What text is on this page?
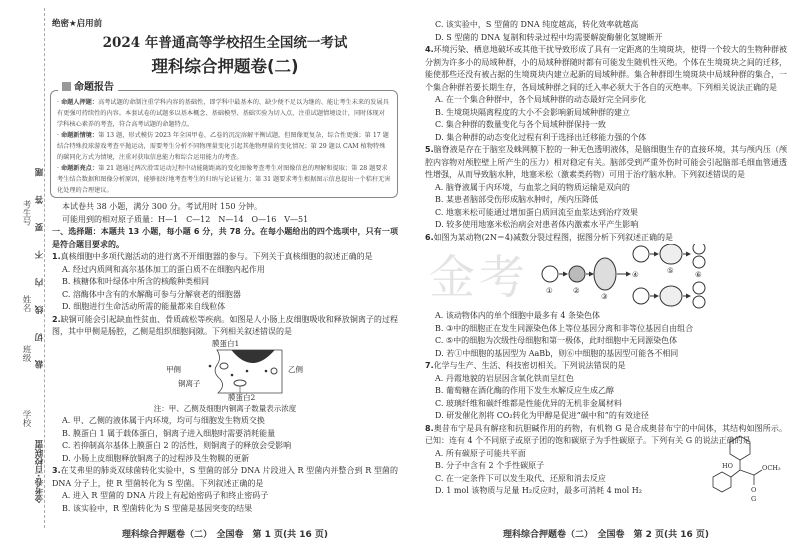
考生号
姓名
班级
学校
裁 切 线 内 不 要 答 题
金考卷·百校联盟
绝密★启用前
2024 年普通高等学校招生全国统一考试
理科综合押题卷(二)
命题报告

· 命题人押题：高考试题的命制注重学科内容的基础性，即学科中最基本的、缺少便不足以为继的、能让考生未来的发展具有更强可持续性的内容。本套试卷的试题多以基本概念、基础模型、基础实验为切入点，注重试题情境设计，同时体现对学科核心素养的考查，符合高考试题的命题特点。

· 命题新情境：第 13 题，形式模仿 2023 年全国甲卷、乙卷的沉淀溶解平衡试题，但图像更复杂，综合性更强；第 17 题结合特殊投球游戏考查平抛运动，需要考生分析不同物理量变化引起其他物理量的变化情况；第 29 题以 CAM 植物特殊的碳同化方式为情境，注重对获取信息能力和综合运用能力的考查。

· 命题新亮点：第 21 题通过两次滑雪运动过程中动能随距离的变化图像考查考生对图像信息的理解和提取；第 28 题要求考生结合数据和图像分析原因，能够很好地考查考生的归纳与论证能力；第 31 题要求考生根据图示信息提出一个秸秆无害化处理的合理建议。

本试卷共 38 小题，满分 300 分。考试用时 150 分钟。

可能用到的相对原子质量：H—1　C—12　N—14　O—16　V—51

一、选择题：本题共 13 小题，每小题 6 分，共 78 分。在每小题给出的四个选项中，只有一项是符合题目要求的。

1.真核细胞中多项代谢活动的进行离不开细胞器的参与。下列关于真核细胞的叙述正确的是

A. 经过内质网和高尔基体加工的蛋白质不在细胞内起作用

B. 核糖体和叶绿体中所含的核酸种类相同

C. 溶酶体中含有的水解酶可参与分解衰老的细胞器

D. 细胞进行生命活动所需的能量都来自线粒体

2.缺铜可能会引起缺血性贫血、骨质疏松等疾病。如图是人小肠上皮细胞吸收和释放铜离子的过程图，其中甲侧是肠腔，乙侧是组织细胞间隙。下列相关叙述错误的是

膜蛋白1
甲侧	乙侧
铜离子
膜蛋白2

注：甲、乙侧及细胞内铜离子数量表示浓度

A. 甲、乙侧的液体属于内环境，均可与细胞发生物质交换

B. 膜蛋白 1 属于载体蛋白，铜离子进入细胞时需要消耗能量

C. 若抑制高尔基体上膜蛋白 2 的活性，则铜离子的释放会受影响

D. 小肠上皮细胞释放铜离子的过程涉及生物膜的更新

3.在艾弗里的肺炎双球菌转化实验中，S 型菌的部分 DNA 片段进入 R 型菌内并整合到 R 型菌的 DNA 分子上，使 R 型菌转化为 S 型菌。下列叙述正确的是

A. 进入 R 型菌的 DNA 片段上有起始密码子和终止密码子

B. 该实验中，R 型菌转化为 S 型菌是基因突变的结果

理科综合押题卷（二）　全国卷　第 1 页(共 16 页)

C. 该实验中，S 型菌的 DNA 纯度越高，转化效率就越高

D. S 型菌的 DNA 复制和转录过程中均需要解旋酶催化氢键断开

4.环境污染、栖息地破坏或其他干扰导致形成了具有一定距离的生境斑块，使得一个较大的生物种群被分割为许多小的局域种群，小的局域种群随时都有可能发生随机性灭绝。个体在生境斑块之间的迁移，能使那些还没有被占据的生境斑块内建立起新的局域种群。集合种群即生境斑块中局域种群的集合，一个集合种群若要长期生存，各局域种群之间的迁入率必须大于各自的灭绝率。下列相关说法正确的是

A. 在一个集合种群中，各个局域种群的动态最好完全同步化

B. 生境斑块隔离程度的大小不会影响新局域种群的建立

C. 集合种群的数量变化与各个局域种群保持一致

D. 集合种群的动态变化过程有利于选择出迁移能力强的个体

5.脑脊液是存在于脑室及蛛网膜下腔的一种无色透明液体，是脑细胞生存的直接环境，其与颅内压（颅腔内容物对颅腔壁上所产生的压力）相对稳定有关。脑部受到严重外伤时可能会引起脑部毛细血管通透性增强，从而导致脑水肿，地塞米松（激素类药物）可用于治疗脑水肿。下列叙述错误的是

A. 脑脊液属于内环境，与血浆之间的物质运输是双向的

B. 某患者脑部受伤形成脑水肿时，颅内压降低

C. 地塞米松可能通过增加蛋白质回流至血浆达到治疗效果

D. 较多使用地塞米松治病会对患者体内激素水平产生影响

6.如图为某动物(2N＝4)减数分裂过程图，据图分析下列叙述正确的是

金考 ①	②
③
④	⑤	⑥

A. 该动物体内的单个细胞中最多有 4 条染色体

B. ③中的细胞正在发生同源染色体上等位基因分离和非等位基因自由组合

C. ⑤中的细胞为次级性母细胞和第一极体，此时细胞中无同源染色体

D. 若①中细胞的基因型为 AaBb，则⑥中细胞的基因型可能各不相同

7.化学与生产、生活、科技密切相关。下列说法错误的是

A. 丹霞地貌的岩层因含氧化铁而呈红色

B. 葡萄糖在酒化酶的作用下发生水解反应生成乙醇

C. 玻璃纤维和碳纤维都是性能优异的无机非金属材料

D. 研发催化剂将 CO₂转化为甲醇是促进“碳中和”的有效途径

8.奥昔布宁是具有解痉和抗胆碱作用的药物，有机物 G 是合成奥昔布宁的中间体，其结构如图所示。已知：连有 4 个不同原子或原子团的饱和碳原子为手性碳原子。下列有关 G 的说法正确的是

A. 所有碳原子可能共平面

B. 分子中含有 2 个手性碳原子

C. 在一定条件下可以发生取代、还原和消去反应

D. 1 mol 该物质与足量 H₂反应时，最多可消耗 4 mol H₂

HO	OCH₃
O
G
理科综合押题卷（二）　全国卷　第 2 页(共 16 页)
